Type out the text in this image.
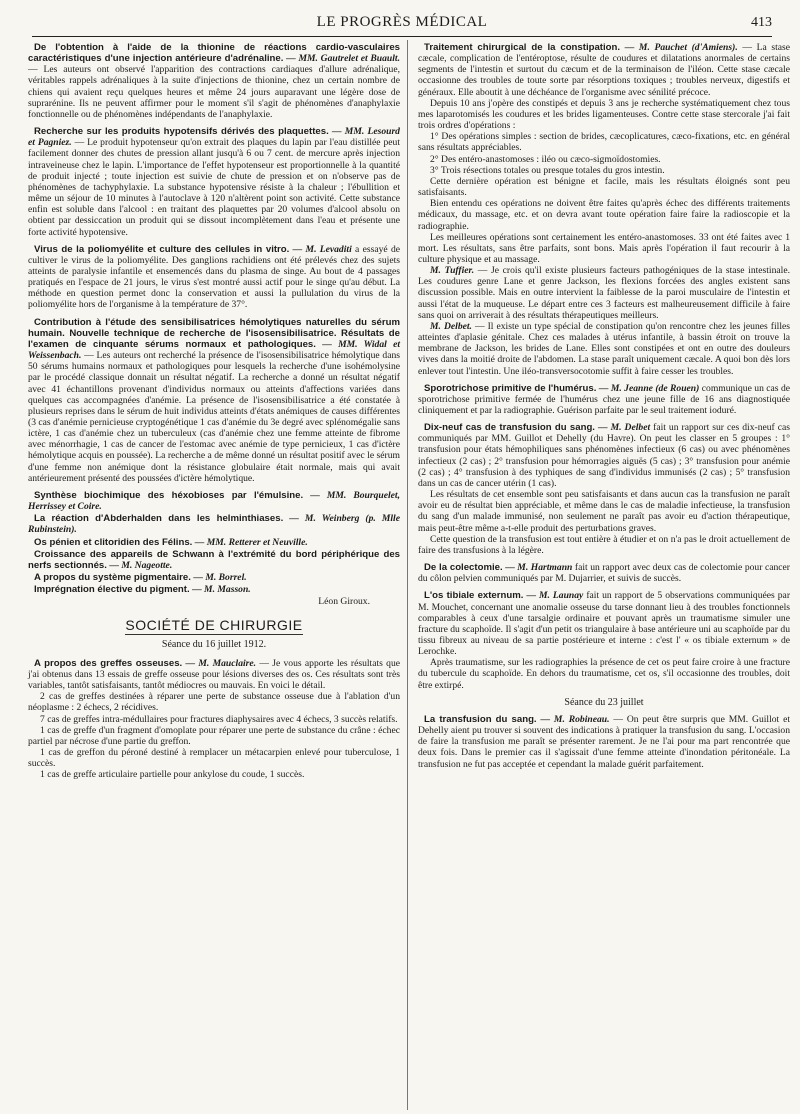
LE PROGRÈS MÉDICAL	413

De l'obtention à l'aide de la thionine de réactions cardio-vasculaires caractéristiques d'une injection antérieure d'adrénaline. — MM. Gautrelet et Buault. — Les auteurs ont observé l'apparition des contractions cardiaques d'allure adrénalique, véritables rappels adrénaliques à la suite d'injections de thionine, chez un certain nombre de chiens qui avaient reçu quelques heures et même 24 jours auparavant une légère dose de suprarénine. Ils ne peuvent affirmer pour le moment s'il s'agit de phénomènes d'anaphylaxie fonctionnelle ou de phénomènes indépendants de l'anaphylaxie.

Recherche sur les produits hypotensifs dérivés des plaquettes. — MM. Lesourd et Pagniez. — Le produit hypotenseur qu'on extrait des plaques du lapin par l'eau distillée peut facilement donner des chutes de pression allant jusqu'à 6 ou 7 cent. de mercure après injection intraveineuse chez le lapin. L'importance de l'effet hypotenseur est proportionnelle à la quantité de produit injecté ; toute injection est suivie de chute de pression et on n'observe pas de phénomènes de tachyphylaxie. La substance hypotensive résiste à la chaleur ; l'ébullition et même un séjour de 10 minutes à l'autoclave à 120 n'altèrent point son activité. Cette substance enfin est soluble dans l'alcool : en traitant des plaquettes par 20 volumes d'alcool absolu on obtient par dessiccation un produit qui se dissout incomplètement dans l'eau et présente une forte activité hypotensive.

Virus de la poliomyélite et culture des cellules in vitro. — M. Levaditi a essayé de cultiver le virus de la poliomyélite. Des ganglions rachidiens ont été prélevés chez des sujets atteints de paralysie infantile et ensemencés dans du plasma de singe. Au bout de 4 passages pratiqués en l'espace de 21 jours, le virus s'est montré aussi actif pour le singe qu'au début. La méthode en question permet donc la conservation et aussi la pullulation du virus de la poliomyélite hors de l'organisme à la température de 37°.

Contribution à l'étude des sensibilisatrices hémolytiques naturelles du sérum humain. Nouvelle technique de recherche de l'isosensibilisatrice. Résultats de l'examen de cinquante sérums normaux et pathologiques. — MM. Widal et Weissenbach. — Les auteurs ont recherché la présence de l'isosensibilisatrice hémolytique dans 50 sérums humains normaux et pathologiques pour lesquels la recherche d'une isohémolysine par le procédé classique donnait un résultat négatif. La recherche a donné un résultat négatif avec 41 échantillons provenant d'individus normaux ou atteints d'affections variées dans quelques cas accompagnées d'anémie. La présence de l'isosensibilisatrice a été constatée à plusieurs reprises dans le sérum de huit individus atteints d'états anémiques de causes différentes (3 cas d'anémie pernicieuse cryptogénétique 1 cas d'anémie du 3e degré avec splénomégalie sans ictère, 1 cas d'anémie chez un tuberculeux (cas d'anémie chez une femme atteinte de fibrome avec ménorrhagie, 1 cas de cancer de l'estomac avec anémie de type pernicieux, 1 cas d'ictère hémolytique acquis en poussée). La recherche a de même donné un résultat positif avec le sérum d'une femme non anémique dont la résistance globulaire était normale, mais qui avait antérieurement présenté des poussées d'ictère hémolytique.

Synthèse biochimique des héxobioses par l'émulsine. — MM. Bourquelet, Herrissey et Coire.

La réaction d'Abderhalden dans les helminthiases. — M. Weinberg (p. Mlle Rubinstein).

Os pénien et clitoridien des Félins. — MM. Retterer et Neuville.

Croissance des appareils de Schwann à l'extrémité du bord périphérique des nerfs sectionnés. — M. Nageotte.

A propos du système pigmentaire. — M. Borrel.

Imprégnation élective du pigment. — M. Masson.

Léon Giroux.

SOCIÉTÉ DE CHIRURGIE
Séance du 16 juillet 1912.

A propos des greffes osseuses. — M. Mauclaire. — Je vous apporte les résultats que j'ai obtenus dans 13 essais de greffe osseuse pour lésions diverses des os. Ces résultats sont très variables, tantôt satisfaisants, tantôt médiocres ou mauvais. En voici le détail.

2 cas de greffes destinées à réparer une perte de substance osseuse due à l'ablation d'un néoplasme : 2 échecs, 2 récidives.

7 cas de greffes intra-médullaires pour fractures diaphysaires avec 4 échecs, 3 succès relatifs.

1 cas de greffe d'un fragment d'omoplate pour réparer une perte de substance du crâne : échec partiel par nécrose d'une partie du greffon.

1 cas de greffon du péroné destiné à remplacer un métacarpien enlevé pour tuberculose, 1 succès.

1 cas de greffe articulaire partielle pour ankylose du coude, 1 succès.

Traitement chirurgical de la constipation. — M. Pauchet (d'Amiens). — La stase cæcale, complication de l'entéroptose, résulte de coudures et dilatations anormales de certains segments de l'intestin et surtout du cæcum et de la terminaison de l'iléon. Cette stase cæcale occasionne des troubles de toute sorte par résorptions toxiques ; troubles nerveux, digestifs et généraux. Elle aboutit à une déchéance de l'organisme avec sénilité précoce.

Depuis 10 ans j'opère des constipés et depuis 3 ans je recherche systématiquement chez tous mes laparotomisés les coudures et les brides ligamenteuses. Contre cette stase stercorale j'ai fait trois ordres d'opérations :

1° Des opérations simples : section de brides, cæcoplicatures, cæco-fixations, etc. en général sans résultats appréciables.

2° Des entéro-anastomoses : iléo ou cæco-sigmoïdostomies.

3° Trois résections totales ou presque totales du gros intestin.

Cette dernière opération est bénigne et facile, mais les résultats éloignés sont peu satisfaisants.

Bien entendu ces opérations ne doivent être faites qu'après échec des différents traitements médicaux, du massage, etc. et on devra avant toute opération faire faire la radioscopie et la radiographie.

Les meilleures opérations sont certainement les entéro-anastomoses. 33 ont été faites avec 1 mort. Les résultats, sans être parfaits, sont bons. Mais après l'opération il faut recourir à la culture physique et au massage.

M. Tuffier. — Je crois qu'il existe plusieurs facteurs pathogéniques de la stase intestinale. Les coudures genre Lane et genre Jackson, les flexions forcées des angles existent sans discussion possible. Mais en outre intervient la faiblesse de la paroi musculaire de l'intestin et aussi l'état de la muqueuse. Le départ entre ces 3 facteurs est malheureusement difficile à faire sans quoi on arriverait à des résultats thérapeutiques meilleurs.

M. Delbet. — Il existe un type spécial de constipation qu'on rencontre chez les jeunes filles atteintes d'aplasie génitale. Chez ces malades à utérus infantile, à bassin étroit on trouve la membrane de Jackson, les brides de Lane. Elles sont constipées et ont en outre des douleurs vives dans la moitié droite de l'abdomen. La stase paraît uniquement cæcale. A quoi bon dès lors enlever tout l'intestin. Une iléo-transversocotomie suffit à faire cesser les troubles.

Sporotrichose primitive de l'humérus. — M. Jeanne (de Rouen) communique un cas de sporotrichose primitive fermée de l'humérus chez une jeune fille de 16 ans diagnostiquée cliniquement et par la radiographie. Guérison parfaite par le seul traitement ioduré.

Dix-neuf cas de transfusion du sang. — M. Delbet fait un rapport sur ces dix-neuf cas communiqués par MM. Guillot et Dehelly (du Havre). On peut les classer en 5 groupes : 1° transfusion pour états hémophiliques sans phénomènes infectieux (6 cas) ou avec phénomènes infectieux (2 cas) ; 2° transfusion pour hémorragies aiguës (5 cas) ; 3° transfusion pour anémie (2 cas) ; 4° transfusion à des typhiques de sang d'individus immunisés (2 cas) ; 5° transfusion dans un cas de cancer utérin (1 cas).

Les résultats de cet ensemble sont peu satisfaisants et dans aucun cas la transfusion ne paraît avoir eu de résultat bien appréciable, et même dans le cas de maladie infectieuse, la transfusion du sang d'un malade immunisé, non seulement ne paraît pas avoir eu d'action thérapeutique, mais peut-être même a-t-elle produit des perturbations graves.

Cette question de la transfusion est tout entière à étudier et on n'a pas le droit actuellement de faire des transfusions à la légère.

De la colectomie. — M. Hartmann fait un rapport avec deux cas de colectomie pour cancer du côlon pelvien communiqués par M. Dujarrier, et suivis de succès.

L'os tibiale externum. — M. Launay fait un rapport de 5 observations communiquées par M. Mouchet, concernant une anomalie osseuse du tarse donnant lieu à des troubles fonctionnels comparables à ceux d'une tarsalgie ordinaire et pouvant après un traumatisme simuler une fracture du scaphoïde. Il s'agit d'un petit os triangulaire à base antérieure uni au scaphoïde par du tissu fibreux au niveau de sa partie postérieure et interne : c'est l' « os tibiale externum » de Lerochke.

Après traumatisme, sur les radiographies la présence de cet os peut faire croire à une fracture du tubercule du scaphoïde. En dehors du traumatisme, cet os, s'il occasionne des troubles, doit être extirpé.

Séance du 23 juillet

La transfusion du sang. — M. Robineau. — On peut être surpris que MM. Guillot et Dehelly aient pu trouver si souvent des indications à pratiquer la transfusion du sang. L'occasion de faire la transfusion me paraît se présenter rarement. Je ne l'ai pour ma part rencontrée que deux fois. Dans le premier cas il s'agissait d'une femme atteinte d'inondation péritonéale. La transfusion ne fut pas acceptée et cependant la malade guérit parfaitement.
